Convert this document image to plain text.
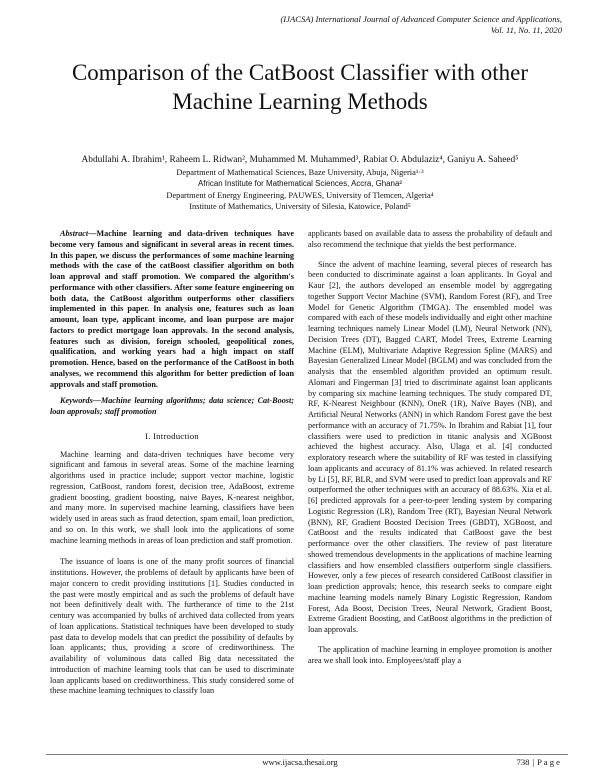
(IJACSA) International Journal of Advanced Computer Science and Applications,
Vol. 11, No. 11, 2020
Comparison of the CatBoost Classifier with other
Machine Learning Methods
Abdullahi A. Ibrahim¹, Raheem L. Ridwan², Muhammed M. Muhammed³, Rabiat O. Abdulaziz⁴, Ganiyu A. Saheed⁵
Department of Mathematical Sciences, Baze University, Abuja, Nigeria¹·³
African Institute for Mathematical Sciences, Accra, Ghana²
Department of Energy Engineering, PAUWES, University of Tlemcen, Algeria⁴
Institute of Mathematics, University of Silesia, Katowice, Poland⁵

Abstract—Machine learning and data-driven techniques have become very famous and significant in several areas in recent times. In this paper, we discuss the performances of some machine learning methods with the case of the catBoost classifier algorithm on both loan approval and staff promotion. We compared the algorithm's performance with other classifiers. After some feature engineering on both data, the CatBoost algorithm outperforms other classifiers implemented in this paper. In analysis one, features such as loan amount, loan type, applicant income, and loan purpose are major factors to predict mortgage loan approvals. In the second analysis, features such as division, foreign schooled, geopolitical zones, qualification, and working years had a high impact on staff promotion. Hence, based on the performance of the CatBoost in both analyses, we recommend this algorithm for better prediction of loan approvals and staff promotion.

Keywords—Machine learning algorithms; data science; Cat-Boost; loan approvals; staff promotion

I. Introduction

Machine learning and data-driven techniques have become very significant and famous in several areas. Some of the machine learning algorithms used in practice include; support vector machine, logistic regression, CatBoost, random forest, decision tree, AdaBoost, extreme gradient boosting, gradient boosting, naive Bayes, K-nearest neighbor, and many more. In supervised machine learning, classifiers have been widely used in areas such as fraud detection, spam email, loan prediction, and so on. In this work, we shall look into the applications of some machine learning methods in areas of loan prediction and staff promotion.

The issuance of loans is one of the many profit sources of financial institutions. However, the problems of default by applicants have been of major concern to credit providing institutions [1]. Studies conducted in the past were mostly empirical and as such the problems of default have not been definitively dealt with. The furtherance of time to the 21st century was accompanied by bulks of archived data collected from years of loan applications. Statistical techniques have been developed to study past data to develop models that can predict the possibility of defaults by loan applicants; thus, providing a score of creditworthiness. The availability of voluminous data called Big data necessitated the introduction of machine learning tools that can be used to discriminate loan applicants based on creditworthiness. This study considered some of these machine learning techniques to classify loan

applicants based on available data to assess the probability of default and also recommend the technique that yields the best performance.

Since the advent of machine learning, several pieces of research has been conducted to discriminate against a loan applicants. In Goyal and Kaur [2], the authors developed an ensemble model by aggregating together Support Vector Machine (SVM), Random Forest (RF), and Tree Model for Genetic Algorithm (TMGA). The ensembled model was compared with each of these models individually and eight other machine learning techniques namely Linear Model (LM), Neural Network (NN), Decision Trees (DT), Bagged CART, Model Trees, Extreme Learning Machine (ELM), Multivariate Adaptive Regression Spline (MARS) and Bayesian Generalized Linear Model (BGLM) and was concluded from the analysis that the ensembled algorithm provided an optimum result. Alomari and Fingerman [3] tried to discriminate against loan applicants by comparing six machine learning techniques. The study compared DT, RF, K-Nearest Neighbour (KNN), OneR (1R), Naïve Bayes (NB), and Artificial Neural Networks (ANN) in which Random Forest gave the best performance with an accuracy of 71.75%. In Ibrahim and Rabiat [1], four classifiers were used to prediction in titanic analysis and XGBoost achieved the highest accuracy. Also, Ulaga et al. [4] conducted exploratory research where the suitability of RF was tested in classifying loan applicants and accuracy of 81.1% was achieved. In related research by Li [5], RF, BLR, and SVM were used to predict loan approvals and RF outperformed the other techniques with an accuracy of 88.63%. Xia et al. [6] predicted approvals for a peer-to-peer lending system by comparing Logistic Regression (LR), Random Tree (RT), Bayesian Neural Network (BNN), RF, Gradient Boosted Decision Trees (GBDT), XGBoost, and CatBoost and the results indicated that CatBoost gave the best performance over the other classifiers. The review of past literature showed tremendous developments in the applications of machine learning classifiers and how ensembled classifiers outperform single classifiers. However, only a few pieces of research considered CatBoost classifier in loan prediction approvals; hence, this research seeks to compare eight machine learning models namely Binary Logistic Regression, Random Forest, Ada Boost, Decision Trees, Neural Network, Gradient Boost, Extreme Gradient Boosting, and CatBoost algorithms in the prediction of loan approvals.

The application of machine learning in employee promotion is another area we shall look into. Employees/staff play a

www.ijacsa.thesai.org	738 | P a g e
